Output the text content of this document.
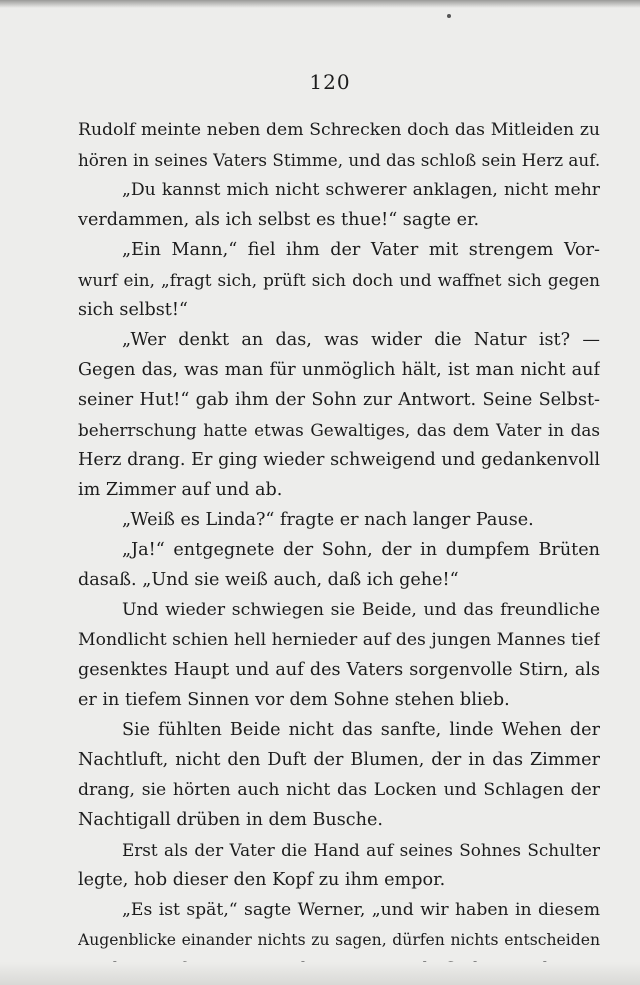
120
Rudolf meinte neben dem Schrecken doch das Mitleiden zu
hören in seines Vaters Stimme, und das schloß sein Herz auf.
„Du kannst mich nicht schwerer anklagen, nicht mehr
verdammen, als ich selbst es thue!“ sagte er.
„Ein Mann,“ fiel ihm der Vater mit strengem Vor-
wurf ein, „fragt sich, prüft sich doch und waffnet sich gegen
sich selbst!“
„Wer denkt an das, was wider die Natur ist? —
Gegen das, was man für unmöglich hält, ist man nicht auf
seiner Hut!“ gab ihm der Sohn zur Antwort. Seine Selbst-
beherrschung hatte etwas Gewaltiges, das dem Vater in das
Herz drang. Er ging wieder schweigend und gedankenvoll
im Zimmer auf und ab.
„Weiß es Linda?“ fragte er nach langer Pause.
„Ja!“ entgegnete der Sohn, der in dumpfem Brüten
dasaß. „Und sie weiß auch, daß ich gehe!“
Und wieder schwiegen sie Beide, und das freundliche
Mondlicht schien hell hernieder auf des jungen Mannes tief
gesenktes Haupt und auf des Vaters sorgenvolle Stirn, als
er in tiefem Sinnen vor dem Sohne stehen blieb.
Sie fühlten Beide nicht das sanfte, linde Wehen der
Nachtluft, nicht den Duft der Blumen, der in das Zimmer
drang, sie hörten auch nicht das Locken und Schlagen der
Nachtigall drüben in dem Busche.
Erst als der Vater die Hand auf seines Sohnes Schulter
legte, hob dieser den Kopf zu ihm empor.
„Es ist spät,“ sagte Werner, „und wir haben in diesem
Augenblicke einander nichts zu sagen, dürfen nichts entscheiden
